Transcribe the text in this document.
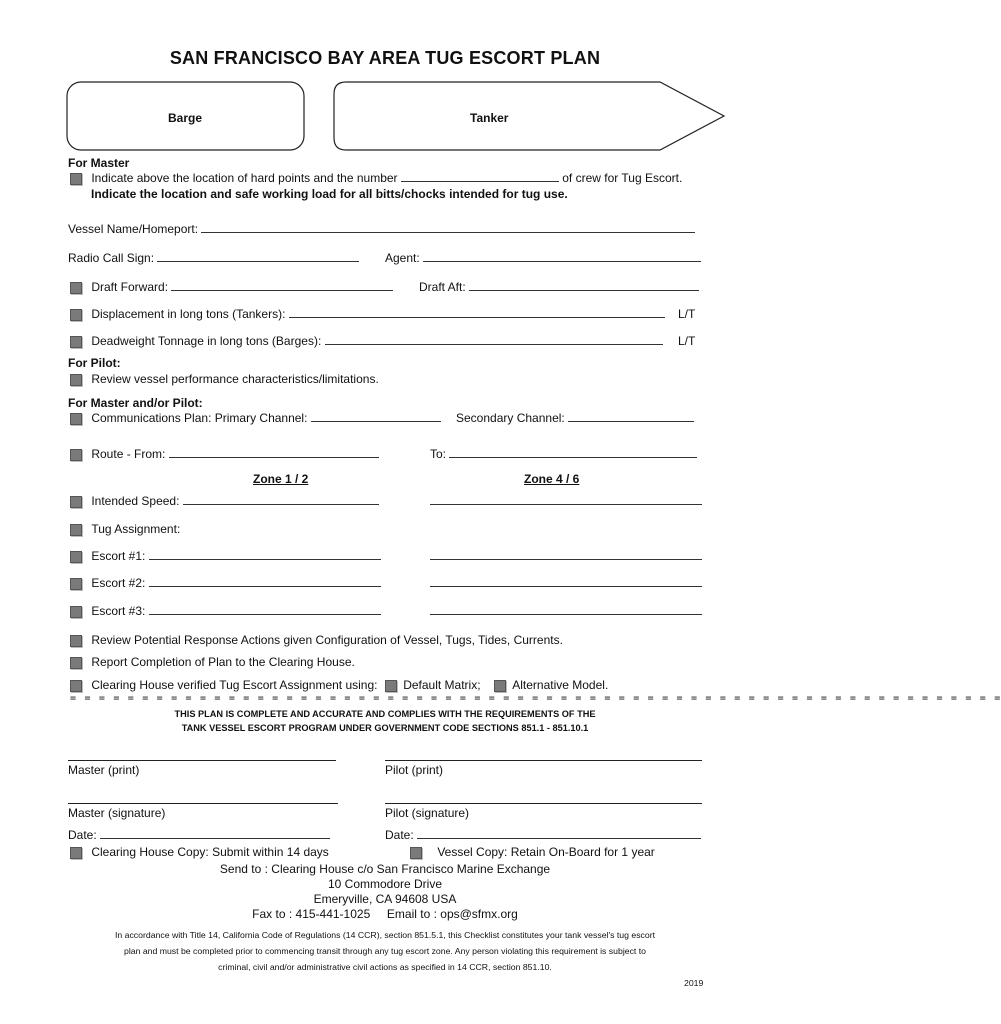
SAN FRANCISCO BAY AREA TUG ESCORT PLAN
Barge	Tanker
For Master
Indicate above the location of hard points and the number	of crew for Tug Escort.
Indicate the location and safe working load for all bitts/chocks intended for tug use.
Vessel Name/Homeport:
Radio Call Sign:	Agent:
Draft Forward:	Draft Aft:
Displacement in long tons (Tankers):	L/T
Deadweight Tonnage in long tons (Barges):	L/T
For Pilot:
Review vessel performance characteristics/limitations.
For Master and/or Pilot:
Communications Plan: Primary Channel:	Secondary Channel:
Route - From:	To:
Zone 1 / 2	Zone 4 / 6
Intended Speed:
Tug Assignment:
Escort #1:
Escort #2:
Escort #3:
Review Potential Response Actions given Configuration of Vessel, Tugs, Tides, Currents.
Report Completion of Plan to the Clearing House.
Clearing House verified Tug Escort Assignment using: Default Matrix;	Alternative Model.
= = = = = = = = = = = = = = = = = = = = = = = = = = = = = = = = = = = = = = = = = = = = = = = = = = = = = = = = = = = = = = = = =
THIS PLAN IS COMPLETE AND ACCURATE AND COMPLIES WITH THE REQUIREMENTS OF THE
TANK VESSEL ESCORT PROGRAM UNDER GOVERNMENT CODE SECTIONS 851.1 - 851.10.1
Master (print)	Pilot (print)
Master (signature)	Pilot (signature)
Date:	Date:
Clearing House Copy: Submit within 14 days	Vessel Copy: Retain On-Board for 1 year
Send to : Clearing House c/o San Francisco Marine Exchange
10 Commodore Drive
Emeryville, CA 94608 USA
Fax to : 415-441-1025     Email to : ops@sfmx.org
In accordance with Title 14, California Code of Regulations (14 CCR), section 851.5.1, this Checklist constitutes your tank vessel's tug escort
plan and must be completed prior to commencing transit through any tug escort zone. Any person violating this requirement is subject to
criminal, civil and/or administrative civil actions as specified in 14 CCR, section 851.10.
2019
